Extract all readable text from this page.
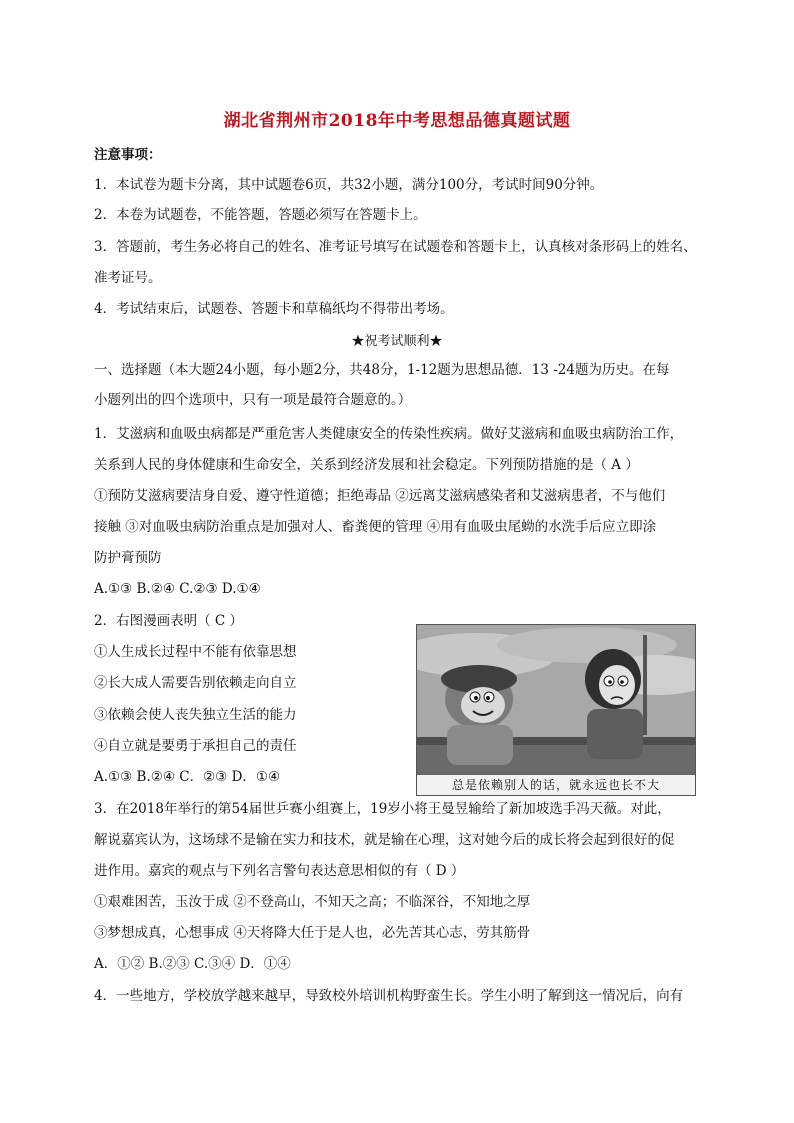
湖北省荆州市2018年中考思想品德真题试题
注意事项：
1．本试卷为题卡分离，其中试题卷6页，共32小题，满分100分，考试时间90分钟。
2．本卷为试题卷，不能答题，答题必须写在答题卡上。
3．答题前，考生务必将自己的姓名、准考证号填写在试题卷和答题卡上，认真核对条形码上的姓名、
准考证号。
4．考试结束后，试题卷、答题卡和草稿纸均不得带出考场。
★祝考试顺利★
一、选择题（本大题24小题，每小题2分，共48分，1-12题为思想品德．13 -24题为历史。在每
小题列出的四个选项中，只有一项是最符合题意的。）
1．艾滋病和血吸虫病都是严重危害人类健康安全的传染性疾病。做好艾滋病和血吸虫病防治工作，
关系到人民的身体健康和生命安全，关系到经济发展和社会稳定。下列预防措施的是（ A ）
①预防艾滋病要洁身自爱、遵守性道德；拒绝毒品 ②远离艾滋病感染者和艾滋病患者，不与他们
接触 ③对血吸虫病防治重点是加强对人、畜粪便的管理 ④用有血吸虫尾蚴的水洗手后应立即涂
防护膏预防
A.①③ B.②④ C.②③ D.①④
2．右图漫画表明（ C ）
①人生成长过程中不能有依靠思想
②长大成人需要告别依赖走向自立
③依赖会使人丧失独立生活的能力
④自立就是要勇于承担自己的责任
A.①③ B.②④ C．②③ D．①④	总是依赖别人的话，就永远也长不大
3．在2018年举行的第54届世乒赛小组赛上，19岁小将王曼昱输给了新加坡选手冯天薇。对此，
解说嘉宾认为，这场球不是输在实力和技术，就是输在心理，这对她今后的成长将会起到很好的促
进作用。嘉宾的观点与下列名言警句表达意思相似的有（ D ）
①艰难困苦，玉汝于成 ②不登高山，不知天之高；不临深谷，不知地之厚
③梦想成真，心想事成 ④天将降大任于是人也，必先苦其心志，劳其筋骨
A．①② B.②③ C.③④ D．①④
4．一些地方，学校放学越来越早，导致校外培训机构野蛮生长。学生小明了解到这一情况后，向有
